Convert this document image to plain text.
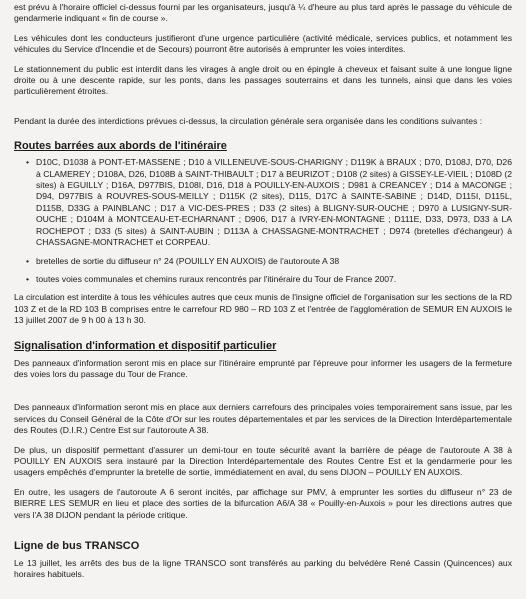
est prévu à l'horaire officiel ci-dessus fourni par les organisateurs, jusqu'à ¼ d'heure au plus tard après le passage du véhicule de gendarmerie indiquant « fin de course ».

Les véhicules dont les conducteurs justifieront d'une urgence particulière (activité médicale, services publics, et notamment les véhicules du Service d'Incendie et de Secours) pourront être autorisés à emprunter les voies interdites.

Le stationnement du public est interdit dans les virages à angle droit ou en épingle à cheveux et faisant suite à une longue ligne droite ou à une descente rapide, sur les ponts, dans les passages souterrains et dans les tunnels, ainsi que dans les voies particulièrement étroites.

Pendant la durée des interdictions prévues ci-dessus, la circulation générale sera organisée dans les conditions suivantes :

Routes barrées aux abords de l'itinéraire
• D10C, D1038 à PONT-ET-MASSENE ; D10 à VILLENEUVE-SOUS-CHARIGNY ; D119K à BRAUX ; D70, D108J, D70, D26 à CLAMEREY ; D108A, D26, D108B à SAINT-THIBAULT ; D17 à BEURIZOT ; D108 (2 sites) à GISSEY-LE-VIEIL ; D108D (2 sites) à EGUILLY ; D16A, D977BIS, D108I, D16, D18 à POUILLY-EN-AUXOIS ; D981 à CREANCEY ; D14 à MACONGE ; D94, D977BIS à ROUVRES-SOUS-MEILLY ; D115K (2 sites), D115, D17C à SAINTE-SABINE ; D14D, D115I, D115L, D115B, D33G à PAINBLANC ; D17 à VIC-DES-PRES ; D33 (2 sites) à BLIGNY-SUR-OUCHE ; D970 à LUSIGNY-SUR-OUCHE ; D104M à MONTCEAU-ET-ECHARNANT ; D906, D17 à IVRY-EN-MONTAGNE ; D111E, D33, D973, D33 à LA ROCHEPOT ; D33 (5 sites) à SAINT-AUBIN ; D113A à CHASSAGNE-MONTRACHET ; D974 (bretelles d'échangeur) à CHASSAGNE-MONTRACHET et CORPEAU.
• bretelles de sortie du diffuseur n° 24 (POUILLY EN AUXOIS) de l'autoroute A 38
• toutes voies communales et chemins ruraux rencontrés par l'itinéraire du Tour de France 2007.

La circulation est interdite à tous les véhicules autres que ceux munis de l'insigne officiel de l'organisation sur les sections de la RD 103 Z et de la RD 103 B comprises entre le carrefour RD 980 – RD 103 Z et l'entrée de l'agglomération de SEMUR EN AUXOIS le 13 juillet 2007 de 9 h 00 à 13 h 30.

Signalisation d'information et dispositif particulier

Des panneaux d'information seront mis en place sur l'itinéraire emprunté par l'épreuve pour informer les usagers de la fermeture des voies lors du passage du Tour de France.

Des panneaux d'information seront mis en place aux derniers carrefours des principales voies temporairement sans issue, par les services du Conseil Général de la Côte d'Or sur les routes départementales et par les services de la Direction Interdépartementale des Routes (D.I.R.) Centre Est sur l'autoroute A 38.

De plus, un dispositif permettant d'assurer un demi-tour en toute sécurité avant la barrière de péage de l'autoroute A 38 à POUILLY EN AUXOIS sera instauré par la Direction Interdépartementale des Routes Centre Est et la gendarmerie pour les usagers empêchés d'emprunter la bretelle de sortie, immédiatement en aval, du sens DIJON – POUILLY EN AUXOIS.

En outre, les usagers de l'autoroute A 6 seront incités, par affichage sur PMV, à emprunter les sorties du diffuseur n° 23 de BIERRE LES SEMUR en lieu et place des sorties de la bifurcation A6/A 38 « Pouilly-en-Auxois » pour les directions autres que vers l'A 38 DIJON pendant la période critique.

Ligne de bus TRANSCO

Le 13 juillet, les arrêts des bus de la ligne TRANSCO sont transférés au parking du belvédère René Cassin (Quincences) aux horaires habituels.
